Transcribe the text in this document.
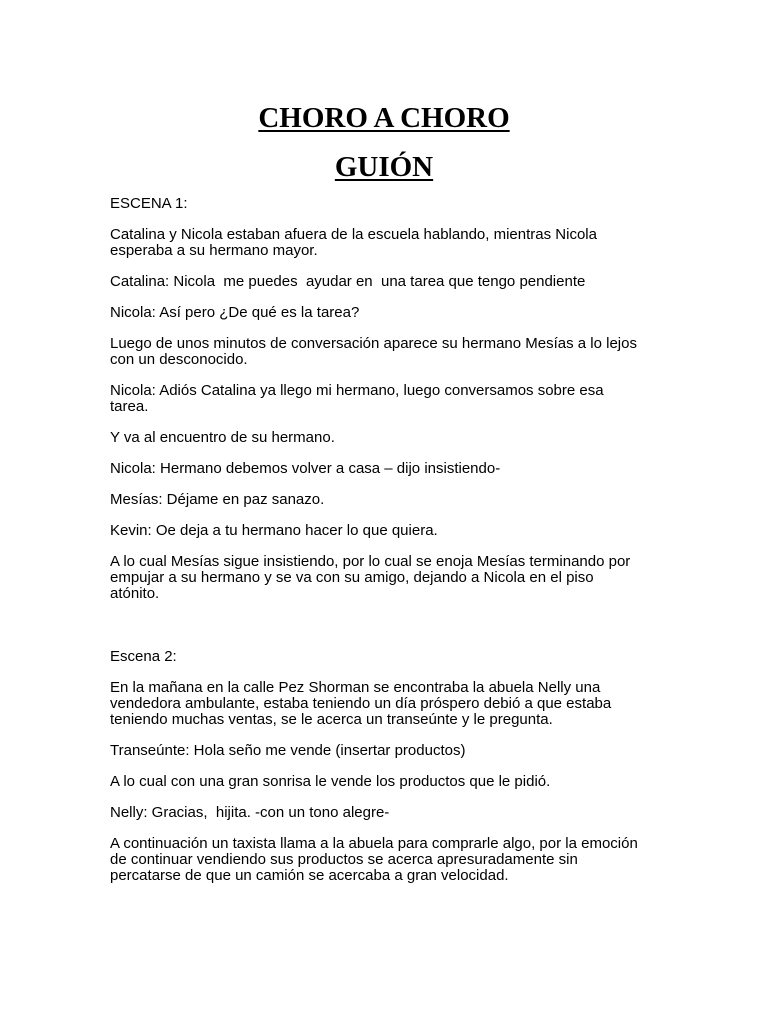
CHORO A CHORO
GUIÓN

ESCENA 1:

Catalina y Nicola estaban afuera de la escuela hablando, mientras Nicola
esperaba a su hermano mayor.

Catalina: Nicola  me puedes  ayudar en  una tarea que tengo pendiente

Nicola: Así pero ¿De qué es la tarea?

Luego de unos minutos de conversación aparece su hermano Mesías a lo lejos
con un desconocido.

Nicola: Adiós Catalina ya llego mi hermano, luego conversamos sobre esa
tarea.

Y va al encuentro de su hermano.

Nicola: Hermano debemos volver a casa – dijo insistiendo-

Mesías: Déjame en paz sanazo.

Kevin: Oe deja a tu hermano hacer lo que quiera.

A lo cual Mesías sigue insistiendo, por lo cual se enoja Mesías terminando por
empujar a su hermano y se va con su amigo, dejando a Nicola en el piso
atónito.

Escena 2:

En la mañana en la calle Pez Shorman se encontraba la abuela Nelly una
vendedora ambulante, estaba teniendo un día próspero debió a que estaba
teniendo muchas ventas, se le acerca un transeúnte y le pregunta.

Transeúnte: Hola seño me vende (insertar productos)

A lo cual con una gran sonrisa le vende los productos que le pidió.

Nelly: Gracias,  hijita. -con un tono alegre-

A continuación un taxista llama a la abuela para comprarle algo, por la emoción
de continuar vendiendo sus productos se acerca apresuradamente sin
percatarse de que un camión se acercaba a gran velocidad.
